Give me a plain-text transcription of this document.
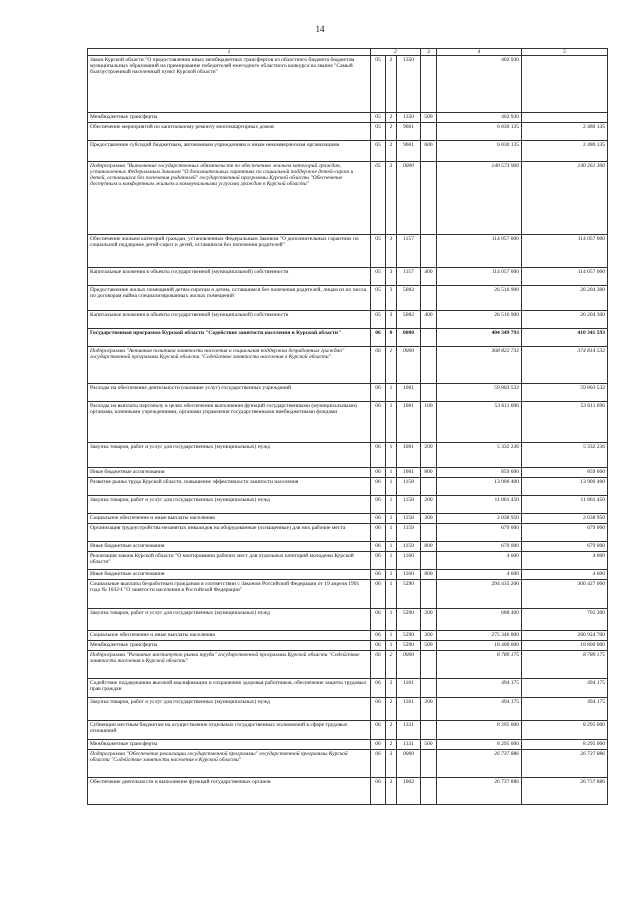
14
1	2			3	4	5
Закон Курской области "О предоставлении иных межбюджетных трансфертов из областного бюджета бюджетам муниципальных образований на премирование победителей ежегодного областного конкурса на звание "Самый благоустроенный населенный пункт Курской области"	05	2	1350		402 930	
Межбюджетные трансферты	05	2	1350	500	402 930	
Обеспечение мероприятий по капитальному ремонту многоквартирных домов	05	2	9601		6 830 135	2 480 135
Предоставление субсидий бюджетным, автономным учреждениям и иным некоммерческим организациям	05	2	9601	600	6 830 135	2 480 135
Подпрограмма "Выполнение государственных обязательств по обеспечению жильем категорий граждан, установленных Федеральным Законом "О дополнительных гарантиях по социальной поддержке детей-сирот и детей, оставшихся без попечения родителей" государственной программы Курской области "Обеспечение доступным и комфортным жильем и коммунальными услугами граждан в Курской области"	05	3	0000		140 573 900	140 261 300
Обеспечение жильем категорий граждан, установленных Федеральным Законом "О дополнительных гарантиях по социальной поддержке детей-сирот и детей, оставшихся без попечения родителей"	05	3	1157		114 057 000	114 057 000
Капитальные вложения в объекты государственной (муниципальной) собственности	05	3	1157	400	114 057 000	114 057 000
Предоставление жилых помещений детям-сиротам и детям, оставшимся без попечения родителей, лицам из их числа по договорам найма специализированных жилых помещений	05	3	5082		26 516 900	26 204 300
Капитальные вложения в объекты государственной (муниципальной) собственности	05	3	5082	400	26 516 900	26 204 300
Государственная программа Курской области "Содействие занятости населения в Курской области"	06	0	0000		404 349 793	410 341 593
Подпрограмма "Активная политика занятости населения и социальная поддержка безработных граждан" государственной программы Курской области "Содействие занятости населения в Курской области"	06	1	0000		368 822 732	374 814 532
Расходы на обеспечение деятельности (оказание услуг) государственных учреждений	06	1	1001		59 803 532	59 803 532
Расходы на выплаты персоналу в целях обеспечения выполнения функций государственными (муниципальными) органами, казенными учреждениями, органами управления государственными внебюджетными фондами	06	1	1001	100	53 611 696	53 611 696
Закупка товаров, работ и услуг для государственных (муниципальных) нужд	06	1	1001	200	5 332 236	5 332 236
Иные бюджетные ассигнования	06	1	1001	800	859 600	859 600
Развитие рынка труда Курской области, повышение эффективности занятости населения	06	1	1158		13 900 400	13 900 400
Закупка товаров, работ и услуг для государственных (муниципальных) нужд	06	1	1158	200	11 861 450	11 861 450
Социальное обеспечение и иные выплаты населению	06	1	1158	300	2 038 950	2 038 950
Организация трудоустройства незанятых инвалидов на оборудованные (оснащенные) для них рабочие места	06	1	1159		679 000	679 000
Иные бюджетные ассигнования	06	1	1159	800	679 000	679 000
Реализация закона Курской области "О квотировании рабочих мест для отдельных категорий молодежи Курской области"	06	1	1160		4 600	4 600
Иные бюджетные ассигнования	06	1	1160	800	4 600	4 600
Социальные выплаты безработным гражданам в соответствии с Законом Российской Федерации от 19 апреля 1991 года № 1032-I "О занятости населения в Российской Федерации"	06	1	5290		294 435 200	300 427 000
Закупка товаров, работ и услуг для государственных (муниципальных) нужд	06	1	5290	200	688 400	702 300
Социальное обеспечение и иные выплаты населению	06	1	5290	300	275 346 800	280 924 700
Межбюджетные трансферты	06	1	5290	500	18 400 000	18 800 000
Подпрограмма "Развитие институтов рынка труда" государственной программы Курской области "Содействие занятости населения в Курской области"	06	2	0000		8 789 175	8 789 175
Содействие поддержанию высокой квалификации и сохранению здоровья работников, обеспечение защиты трудовых прав граждан	06	2	1161		494 175	494 175
Закупка товаров, работ и услуг для государственных (муниципальных) нужд	06	2	1161	200	494 175	494 175
Субвенции местным бюджетам на осуществление отдельных государственных полномочий в сфере трудовых отношений	06	2	1331		8 295 000	8 295 000
Межбюджетные трансферты	06	2	1331	500	8 295 000	8 295 000
Подпрограмма "Обеспечение реализации государственной программы" государственной программы Курской области "Содействие занятости населения в Курской области"	06	3	0000		26 737 886	26 737 886
Обеспечение деятельности и выполнение функций государственных органов	06	3	1002		26 737 886	26 737 886
